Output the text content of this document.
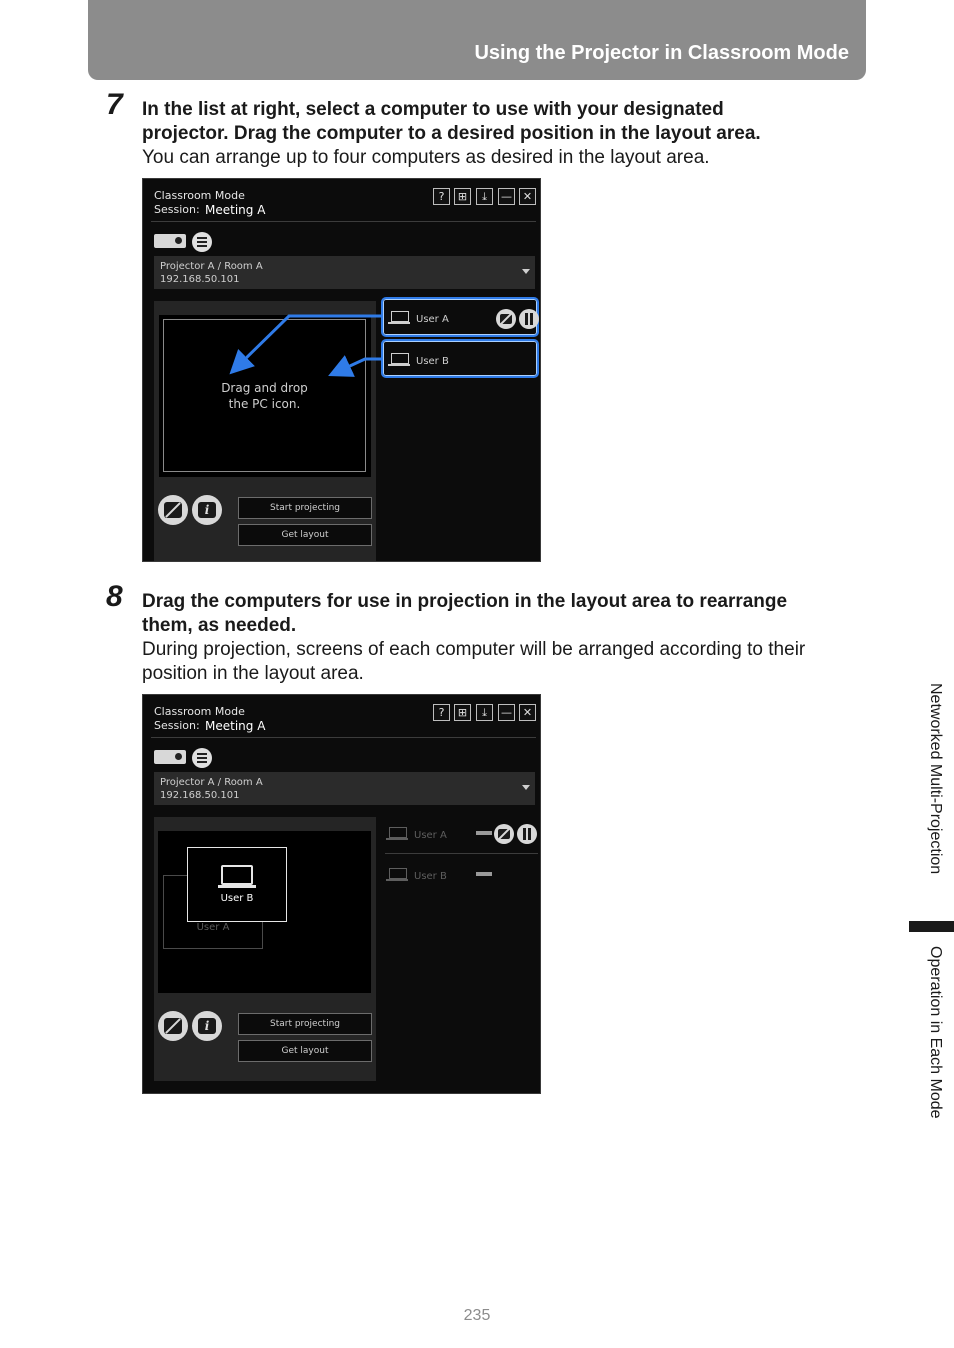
Using the Projector in Classroom Mode
7 In the list at right, select a computer to use with your designated
projector. Drag the computer to a desired position in the layout area.
You can arrange up to four computers as desired in the layout area.
Classroom Mode
Session: Meeting A
?	⊞	⤓	— ✕
Projector A / Room A
192.168.50.101
Drag and drop
the PC icon.
i	Start projecting
Get layout
User A
User B
8 Drag the computers for use in projection in the layout area to rearrange
them, as needed.
During projection, screens of each computer will be arranged according to their
position in the layout area.
Classroom Mode
Session: Meeting A
?	⊞	⤓	— ✕
Projector A / Room A
192.168.50.101
User A
User B
i	Start projecting
Get layout
User A
User B
Networked Multi-Projection
Operation in Each Mode
235
